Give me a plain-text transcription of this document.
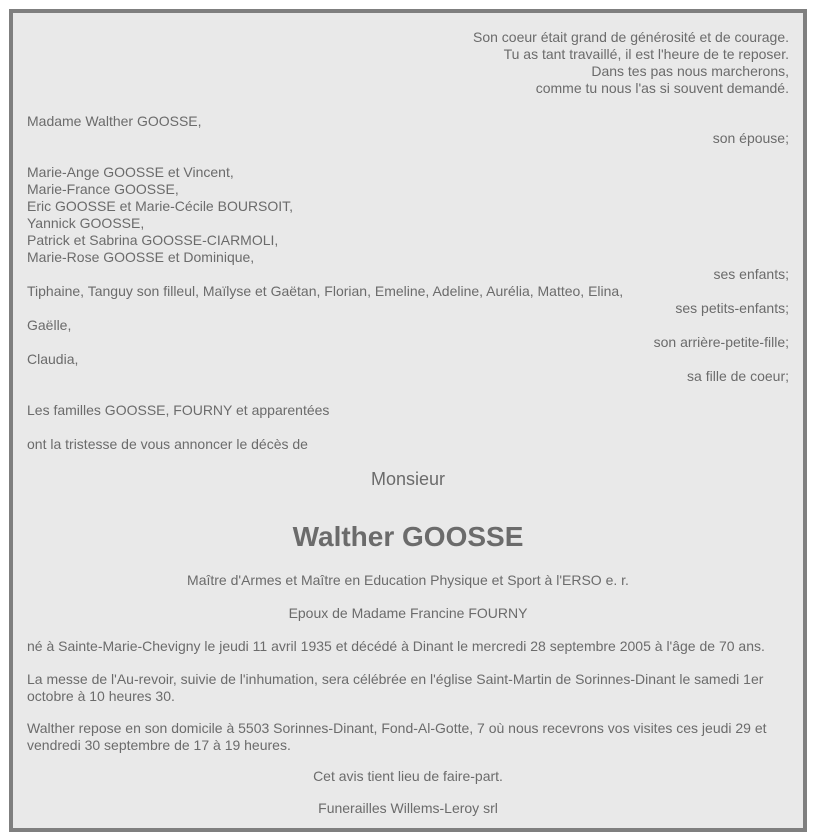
Son coeur était grand de générosité et de courage.
Tu as tant travaillé, il est l'heure de te reposer.
Dans tes pas nous marcherons,
comme tu nous l'as si souvent demandé.
Madame Walther GOOSSE,
son épouse;
Marie-Ange GOOSSE et Vincent,
Marie-France GOOSSE,
Eric GOOSSE et Marie-Cécile BOURSOIT,
Yannick GOOSSE,
Patrick et Sabrina GOOSSE-CIARMOLI,
Marie-Rose GOOSSE et Dominique,
ses enfants;
Tiphaine, Tanguy son filleul, Maïlyse et Gaëtan, Florian, Emeline, Adeline, Aurélia, Matteo, Elina,
ses petits-enfants;
Gaëlle,
son arrière-petite-fille;
Claudia,
sa fille de coeur;
Les familles GOOSSE, FOURNY et apparentées
ont la tristesse de vous annoncer le décès de
Monsieur
Walther GOOSSE
Maître d'Armes et Maître en Education Physique et Sport à l'ERSO e. r.
Epoux de Madame Francine FOURNY
né à Sainte-Marie-Chevigny le jeudi 11 avril 1935 et décédé à Dinant le mercredi 28 septembre 2005 à l'âge de 70 ans.
La messe de l'Au-revoir, suivie de l'inhumation, sera célébrée en l'église Saint-Martin de Sorinnes-Dinant le samedi 1er octobre à 10 heures 30.
Walther repose en son domicile à 5503 Sorinnes-Dinant, Fond-Al-Gotte, 7 où nous recevrons vos visites ces jeudi 29 et vendredi 30 septembre de 17 à 19 heures.
Cet avis tient lieu de faire-part.
Funerailles Willems-Leroy srl
